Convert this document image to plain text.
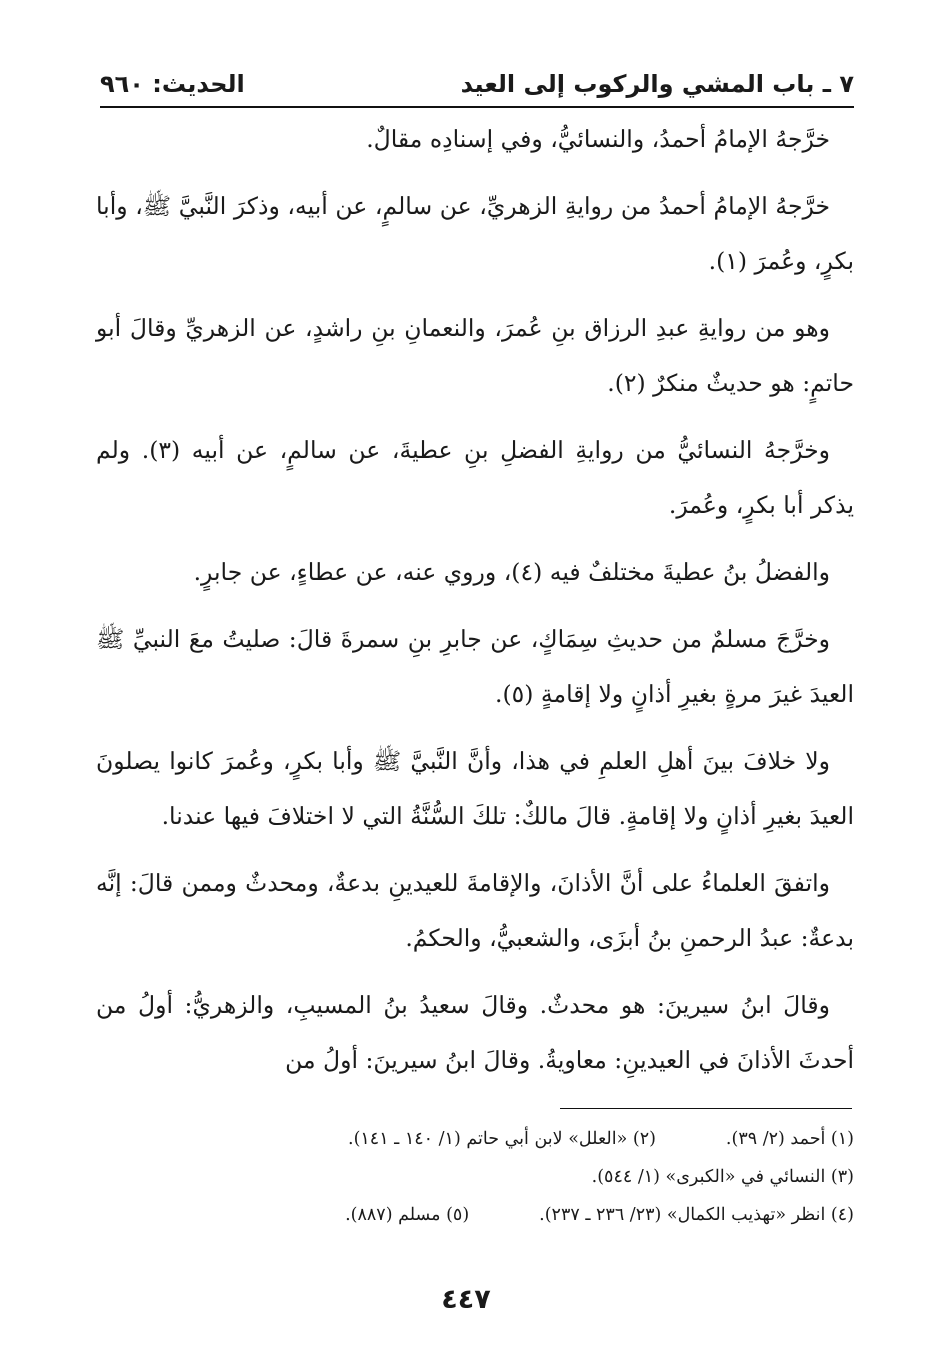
٧ ـ باب المشي والركوب إلى العيد
الحديث: ٩٦٠

خرَّجهُ الإمامُ أحمدُ، والنسائيُّ، وفي إسنادِه مقالٌ.

خرَّجهُ الإمامُ أحمدُ من روايةِ الزهريِّ، عن سالمٍ، عن أبيه، وذكرَ النَّبيَّ ﷺ، وأبا بكرٍ، وعُمرَ (١).

وهو من روايةِ عبدِ الرزاق بنِ عُمرَ، والنعمانِ بنِ راشدٍ، عن الزهريِّ وقالَ أبو حاتمٍ: هو حديثٌ منكرٌ (٢).

وخرَّجهُ النسائيُّ من روايةِ الفضلِ بنِ عطيةَ، عن سالمٍ، عن أبيه (٣). ولم يذكر أبا بكرٍ، وعُمرَ.

والفضلُ بنُ عطيةَ مختلفٌ فيه (٤)، وروي عنه، عن عطاءٍ، عن جابرٍ.

وخرَّجَ مسلمٌ من حديثِ سِمَاكٍ، عن جابرِ بنِ سمرةَ قالَ: صليتُ معَ النبيِّ ﷺ العيدَ غيرَ مرةٍ بغيرِ أذانٍ ولا إقامةٍ (٥).

ولا خلافَ بينَ أهلِ العلمِ في هذا، وأنَّ النَّبيَّ ﷺ وأبا بكرٍ، وعُمرَ كانوا يصلونَ العيدَ بغيرِ أذانٍ ولا إقامةٍ. قالَ مالكٌ: تلكَ السُّنَّةُ التي لا اختلافَ فيها عندنا.

واتفقَ العلماءُ على أنَّ الأذانَ، والإقامةَ للعيدينِ بدعةٌ، ومحدثٌ وممن قالَ: إنَّه بدعةٌ: عبدُ الرحمنِ بنُ أبزَى، والشعبيُّ، والحكمُ.

وقالَ ابنُ سيرينَ: هو محدثٌ. وقالَ سعيدُ بنُ المسيبِ، والزهريُّ: أولُ من أحدثَ الأذانَ في العيدينِ: معاويةُ. وقالَ ابنُ سيرينَ: أولُ من

(١) أحمد (٢/ ٣٩).
(٢) «العلل» لابن أبي حاتم (١/ ١٤٠ ـ ١٤١).
(٣) النسائي في «الكبرى» (١/ ٥٤٤).
(٤) انظر «تهذيب الكمال» (٢٣/ ٢٣٦ ـ ٢٣٧).
(٥) مسلم (٨٨٧).
٤٤٧
